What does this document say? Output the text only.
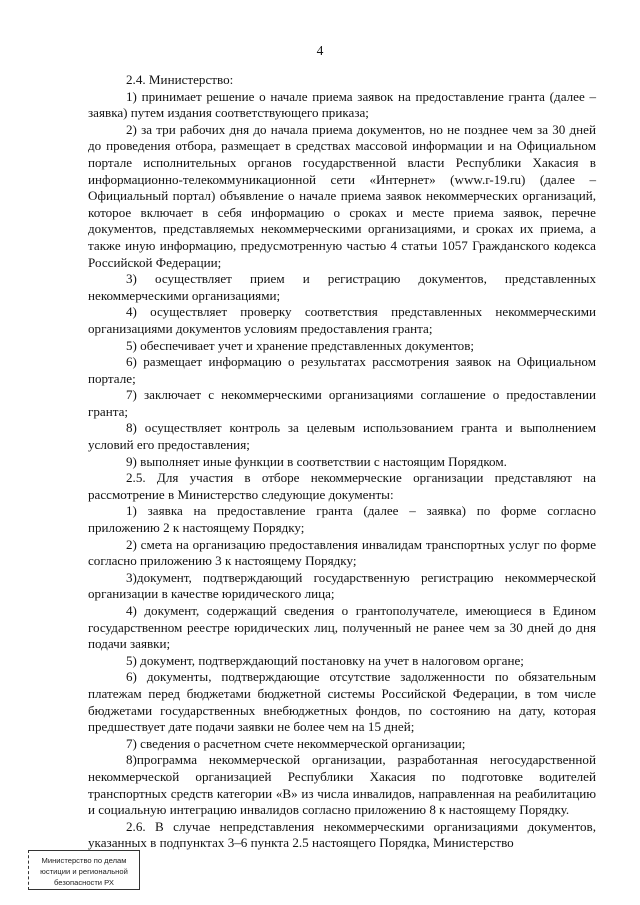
4

2.4. Министерство:

1) принимает решение о начале приема заявок на предоставление гранта (далее – заявка) путем издания соответствующего приказа;

2) за три рабочих дня до начала приема документов, но не позднее чем за 30 дней до проведения отбора, размещает в средствах массовой информации и на Официальном портале исполнительных органов государственной власти Республики Хакасия в информационно-телекоммуникационной сети «Интернет» (www.r-19.ru) (далее – Официальный портал) объявление о начале приема заявок некоммерческих организаций, которое включает в себя информацию о сроках и месте приема заявок, перечне документов, представляемых некоммерческими организациями, и сроках их приема, а также иную информацию, предусмотренную частью 4 статьи 1057 Гражданского кодекса Российской Федерации;

3) осуществляет прием и регистрацию документов, представленных некоммерческими организациями;

4) осуществляет проверку соответствия представленных некоммерческими организациями документов условиям предоставления гранта;

5) обеспечивает учет и хранение представленных документов;

6) размещает информацию о результатах рассмотрения заявок на Официальном портале;

7) заключает с некоммерческими организациями соглашение о предоставлении гранта;

8) осуществляет контроль за целевым использованием гранта и выполнением условий его предоставления;

9) выполняет иные функции в соответствии с настоящим Порядком.

2.5. Для участия в отборе некоммерческие организации представляют на рассмотрение в Министерство следующие документы:

1) заявка на предоставление гранта (далее – заявка) по форме согласно приложению 2 к настоящему Порядку;

2) смета на организацию предоставления инвалидам транспортных услуг по форме согласно приложению 3 к настоящему Порядку;

3)документ, подтверждающий государственную регистрацию некоммерческой организации в качестве юридического лица;

4) документ, содержащий сведения о грантополучателе, имеющиеся в Едином государственном реестре юридических лиц, полученный не ранее чем за 30 дней до дня подачи заявки;

5) документ, подтверждающий постановку на учет в налоговом органе;

6) документы, подтверждающие отсутствие задолженности по обязательным платежам перед бюджетами бюджетной системы Российской Федерации, в том числе бюджетами государственных внебюджетных фондов, по состоянию на дату, которая предшествует дате подачи заявки не более чем на 15 дней;

7) сведения о расчетном счете некоммерческой организации;

8)программа некоммерческой организации, разработанная негосударственной некоммерческой организацией Республики Хакасия по подготовке водителей транспортных средств категории «В» из числа инвалидов, направленная на реабилитацию и социальную интеграцию инвалидов согласно приложению 8 к настоящему Порядку.

2.6. В случае непредставления некоммерческими организациями документов, указанных в подпунктах 3–6 пункта 2.5 настоящего Порядка, Министерство

Министерство по делам
юстиции и региональной
безопасности РХ
